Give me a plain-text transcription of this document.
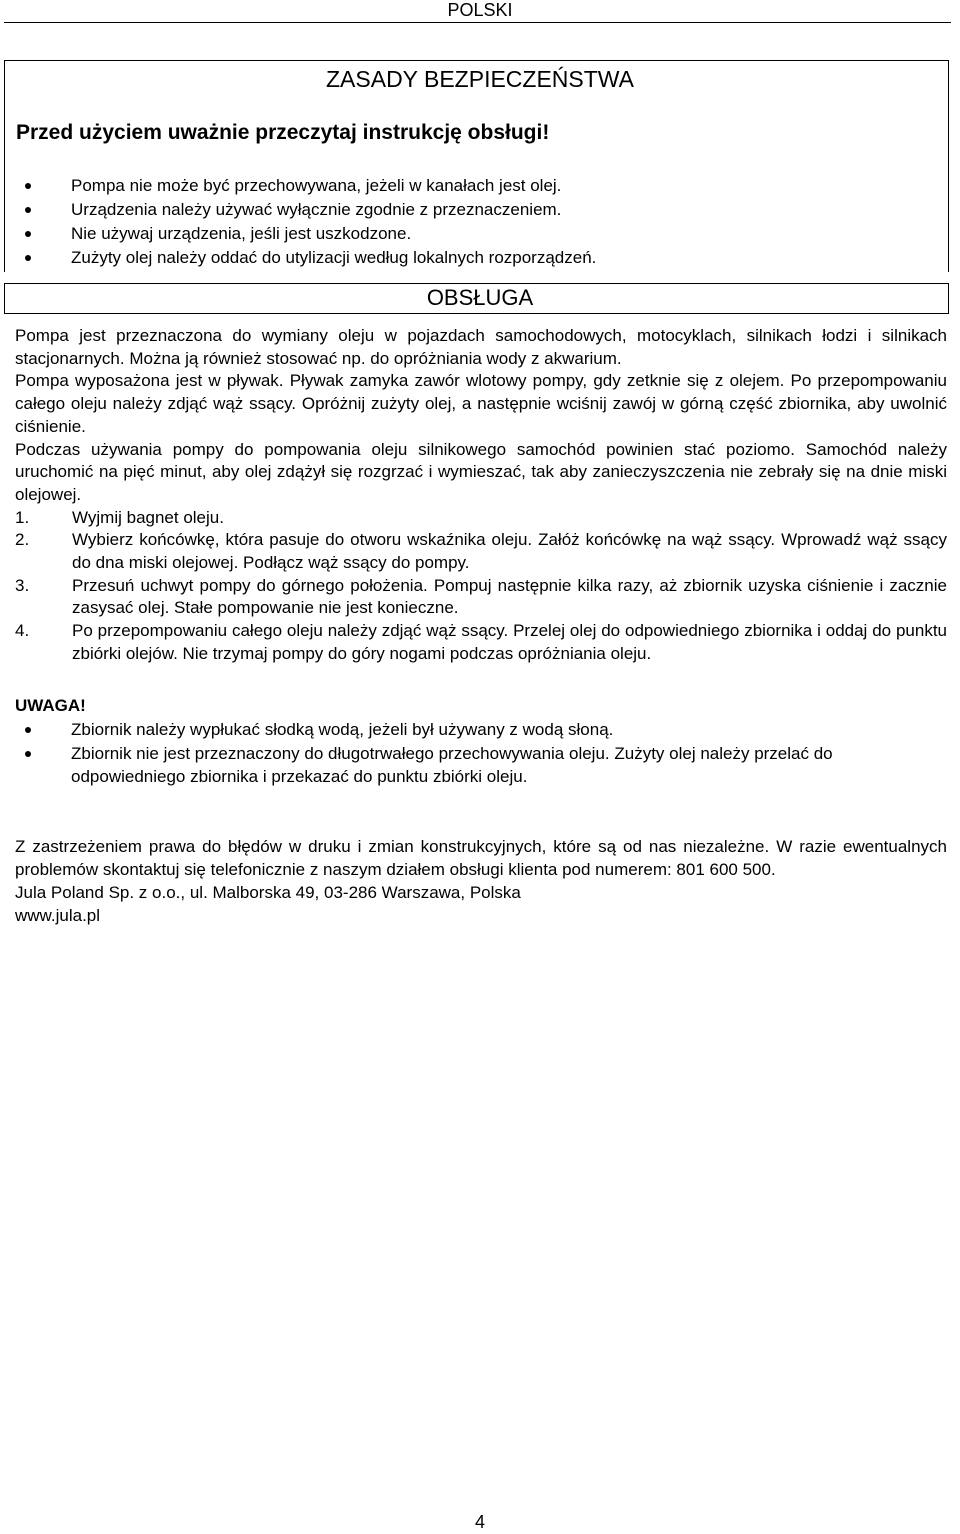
POLSKI
ZASADY BEZPIECZEŃSTWA
Przed użyciem uważnie przeczytaj instrukcję obsługi!
Pompa nie może być przechowywana, jeżeli w kanałach jest olej.
Urządzenia należy używać wyłącznie zgodnie z przeznaczeniem.
Nie używaj urządzenia, jeśli jest uszkodzone.
Zużyty olej należy oddać do utylizacji według lokalnych rozporządzeń.
OBSŁUGA

Pompa jest przeznaczona do wymiany oleju w pojazdach samochodowych, motocyklach, silnikach łodzi i silnikach stacjonarnych. Można ją również stosować np. do opróżniania wody z akwarium.

Pompa wyposażona jest w pływak. Pływak zamyka zawór wlotowy pompy, gdy zetknie się z olejem. Po przepompowaniu całego oleju należy zdjąć wąż ssący. Opróżnij zużyty olej, a następnie wciśnij zawój w górną część zbiornika, aby uwolnić ciśnienie.

Podczas używania pompy do pompowania oleju silnikowego samochód powinien stać poziomo. Samochód należy uruchomić na pięć minut, aby olej zdążył się rozgrzać i wymieszać, tak aby zanieczyszczenia nie zebrały się na dnie miski olejowej.

1.	Wyjmij bagnet oleju.
2.	Wybierz końcówkę, która pasuje do otworu wskaźnika oleju. Załóż końcówkę na wąż ssący. Wprowadź wąż ssący do dna miski olejowej. Podłącz wąż ssący do pompy.
3.	Przesuń uchwyt pompy do górnego położenia. Pompuj następnie kilka razy, aż zbiornik uzyska ciśnienie i zacznie zasysać olej. Stałe pompowanie nie jest konieczne.
4.	Po przepompowaniu całego oleju należy zdjąć wąż ssący. Przelej olej do odpowiedniego zbiornika i oddaj do punktu zbiórki olejów. Nie trzymaj pompy do góry nogami podczas opróżniania oleju.
UWAGA!
Zbiornik należy wypłukać słodką wodą, jeżeli był używany z wodą słoną.
Zbiornik nie jest przeznaczony do długotrwałego przechowywania oleju. Zużyty olej należy przelać do odpowiedniego zbiornika i przekazać do punktu zbiórki oleju.

Z zastrzeżeniem prawa do błędów w druku i zmian konstrukcyjnych, które są od nas niezależne. W razie ewentualnych problemów skontaktuj się telefonicznie z naszym działem obsługi klienta pod numerem: 801 600 500.

Jula Poland Sp. z o.o., ul. Malborska 49, 03-286 Warszawa, Polska

www.jula.pl

4
